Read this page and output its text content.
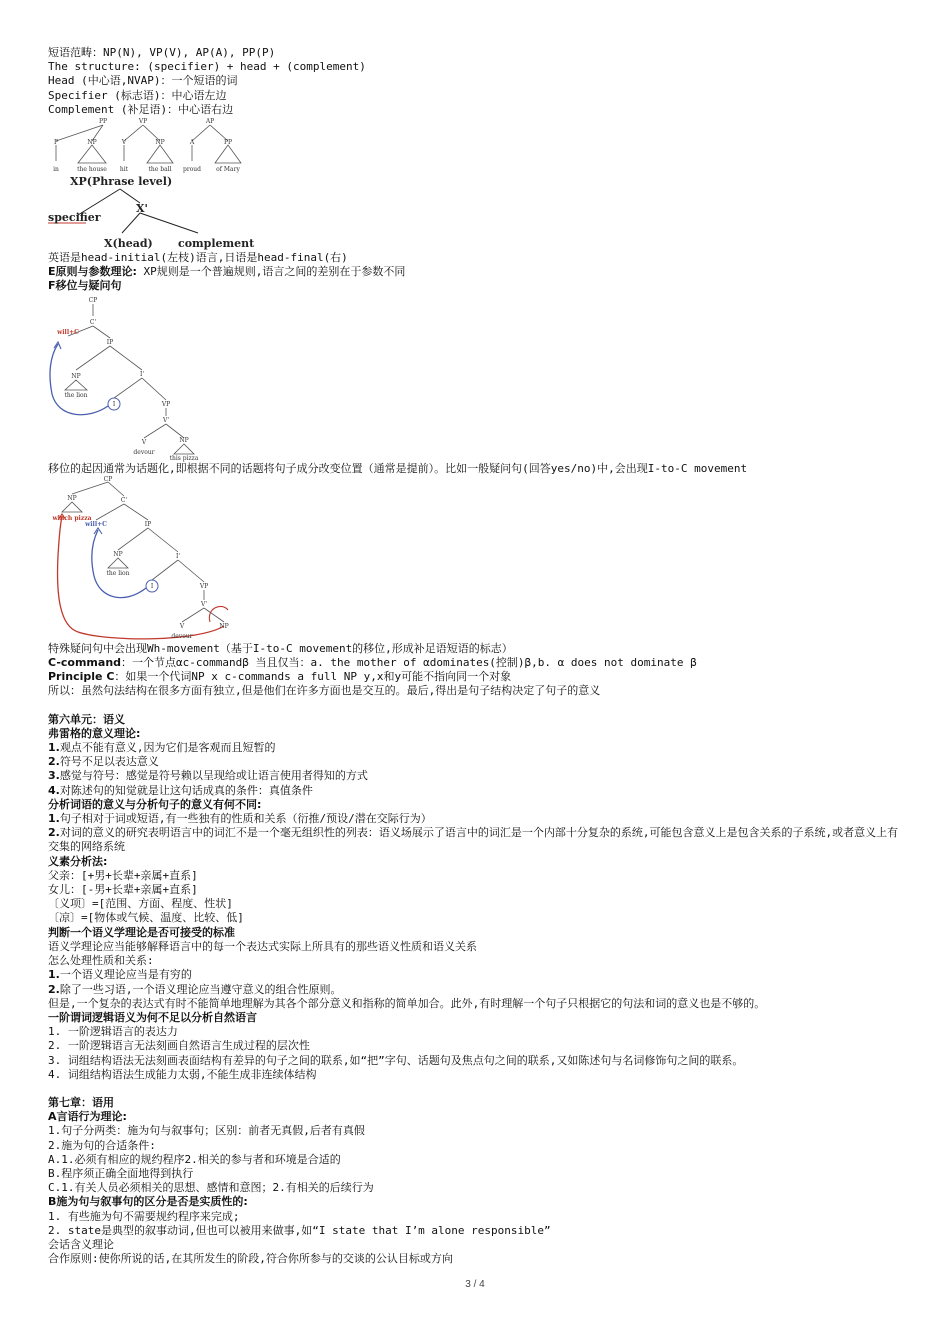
短语范畴：NP(N), VP(V), AP(A), PP(P)
The structure: (specifier) + head + (complement)
Head (中心语,NVAP)：一个短语的词
Specifier (标志语)：中心语左边
Complement (补足语)：中心语右边
PP	VP	AP
P	NP	V	NP	A	PP
in	the house hit	the ball proud	of Mary
XP(Phrase level)
X'
specifier
X(head) complement
英语是head-initial(左枝)语言,日语是head-final(右)
E原则与参数理论: XP规则是一个普遍规则,语言之间的差别在于参数不同
F移位与疑问句
CP
C'
IP
NP
the lion
I'
I	VP
V'
V	NP
devour
this pizza
will+C
移位的起因通常为话题化,即根据不同的话题将句子成分改变位置（通常是提前）。比如一般疑问句(回答yes/no)中,会出现I-to-C movement
CP
NP	C'
IP
NP
the lion
I'
I	VP
V'
V	NP
devour
which pizza
will+C
特殊疑问句中会出现Wh-movement（基于I-to-C movement的移位,形成补足语短语的标志）
C-command：一个节点αc-commandβ 当且仅当：a. the mother of αdominates(控制)β,b. α does not dominate β
Principle C：如果一个代词NP x c-commands a full NP y,x和y可能不指向同一个对象
所以：虽然句法结构在很多方面有独立,但是他们在许多方面也是交互的。最后,得出是句子结构决定了句子的意义
第六单元：语义
弗雷格的意义理论:
1.观点不能有意义,因为它们是客观而且短暂的
2.符号不足以表达意义
3.感觉与符号：感觉是符号赖以呈现给或让语言使用者得知的方式
4.对陈述句的知觉就是让这句话成真的条件：真值条件
分析词语的意义与分析句子的意义有何不同:
1.句子相对于词或短语,有一些独有的性质和关系（衍推/预设/潜在交际行为）
2.对词的意义的研究表明语言中的词汇不是一个毫无组织性的列表：语义场展示了语言中的词汇是一个内部十分复杂的系统,可能包含意义上是包含关系的子系统,或者意义上有交集的网络系统
义素分析法:
父亲：[+男+长辈+亲属+直系]
女儿：[-男+长辈+亲属+直系]
〔义项〕=[范围、方面、程度、性状]
〔凉〕=[物体或气候、温度、比较、低]
判断一个语义学理论是否可接受的标准
语义学理论应当能够解释语言中的每一个表达式实际上所具有的那些语义性质和语义关系
怎么处理性质和关系:
1.一个语义理论应当是有穷的
2.除了一些习语,一个语义理论应当遵守意义的组合性原则。
但是,一个复杂的表达式有时不能简单地理解为其各个部分意义和指称的简单加合。此外,有时理解一个句子只根据它的句法和词的意义也是不够的。
一阶谓词逻辑语义为何不足以分析自然语言
1. 一阶逻辑语言的表达力
2. 一阶逻辑语言无法刻画自然语言生成过程的层次性
3. 词组结构语法无法刻画表面结构有差异的句子之间的联系,如“把”字句、话题句及焦点句之间的联系,又如陈述句与名词修饰句之间的联系。
4. 词组结构语法生成能力太弱,不能生成非连续体结构
第七章：语用
A言语行为理论:
1.句子分两类：施为句与叙事句；区别：前者无真假,后者有真假
2.施为句的合适条件:
A.1.必须有相应的规约程序2.相关的参与者和环境是合适的
B.程序须正确全面地得到执行
C.1.有关人员必须相关的思想、感情和意图；2.有相关的后续行为
B施为句与叙事句的区分是否是实质性的:
1. 有些施为句不需要规约程序来完成;
2. state是典型的叙事动词,但也可以被用来做事,如“I state that I’m alone responsible”
会话含义理论
合作原则:使你所说的话,在其所发生的阶段,符合你所参与的交谈的公认目标或方向
3 / 4
